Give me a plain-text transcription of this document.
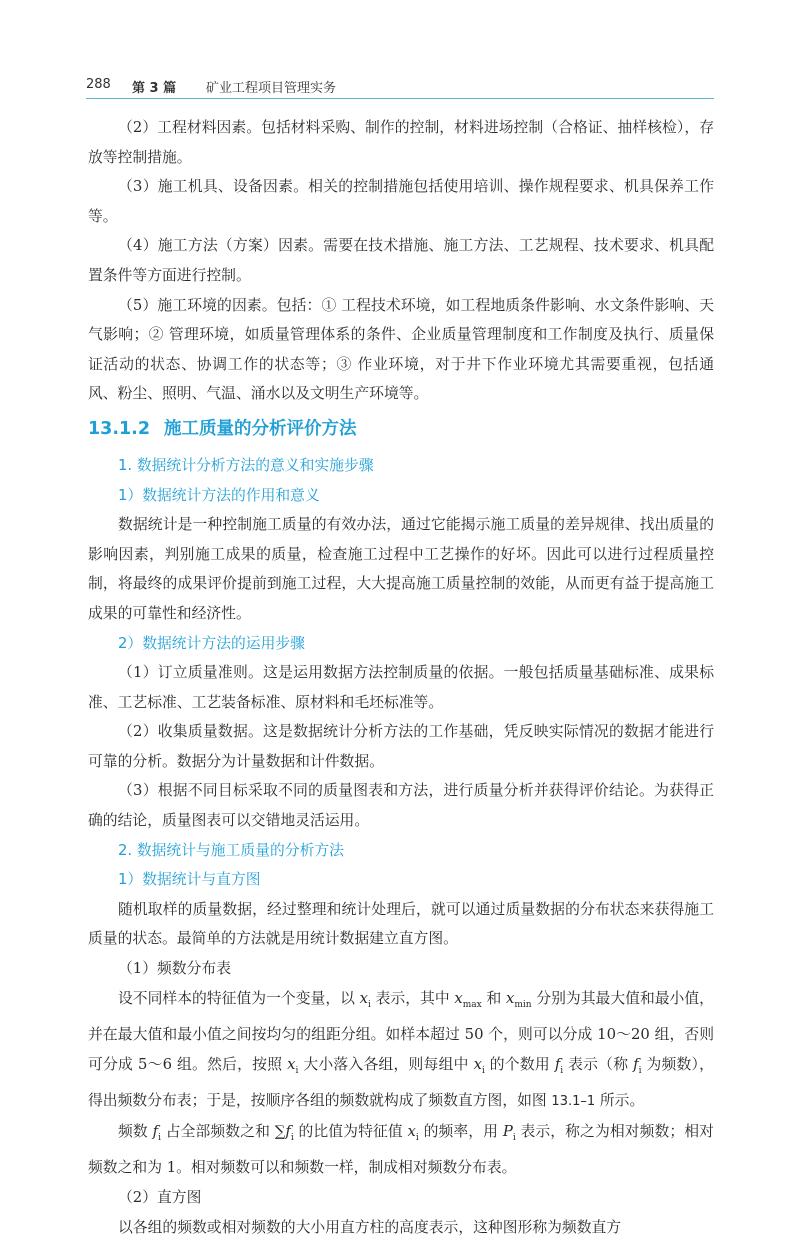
288 第 3 篇 矿业工程项目管理实务

（2）工程材料因素。包括材料采购、制作的控制，材料进场控制（合格证、抽样核检），存放等控制措施。

（3）施工机具、设备因素。相关的控制措施包括使用培训、操作规程要求、机具保养工作等。

（4）施工方法（方案）因素。需要在技术措施、施工方法、工艺规程、技术要求、机具配置条件等方面进行控制。

（5）施工环境的因素。包括：① 工程技术环境，如工程地质条件影响、水文条件影响、天气影响；② 管理环境，如质量管理体系的条件、企业质量管理制度和工作制度及执行、质量保证活动的状态、协调工作的状态等；③ 作业环境，对于井下作业环境尤其需要重视，包括通风、粉尘、照明、气温、涌水以及文明生产环境等。

13.1.2 施工质量的分析评价方法
1. 数据统计分析方法的意义和实施步骤
1）数据统计方法的作用和意义

数据统计是一种控制施工质量的有效办法，通过它能揭示施工质量的差异规律、找出质量的影响因素，判别施工成果的质量，检查施工过程中工艺操作的好坏。因此可以进行过程质量控制，将最终的成果评价提前到施工过程，大大提高施工质量控制的效能，从而更有益于提高施工成果的可靠性和经济性。

2）数据统计方法的运用步骤

（1）订立质量准则。这是运用数据方法控制质量的依据。一般包括质量基础标准、成果标准、工艺标准、工艺装备标准、原材料和毛坯标准等。

（2）收集质量数据。这是数据统计分析方法的工作基础，凭反映实际情况的数据才能进行可靠的分析。数据分为计量数据和计件数据。

（3）根据不同目标采取不同的质量图表和方法，进行质量分析并获得评价结论。为获得正确的结论，质量图表可以交错地灵活运用。

2. 数据统计与施工质量的分析方法
1）数据统计与直方图

随机取样的质量数据，经过整理和统计处理后，就可以通过质量数据的分布状态来获得施工质量的状态。最简单的方法就是用统计数据建立直方图。

（1）频数分布表

设不同样本的特征值为一个变量，以 $x_i$ 表示，其中 $x_{max}$ 和 $x_{min}$ 分别为其最大值和最小值，并在最大值和最小值之间按均匀的组距分组。如样本超过 50 个，则可以分成 10～20 组，否则可分成 5～6 组。然后，按照 $x_i$ 大小落入各组，则每组中 $x_i$ 的个数用 $f_i$ 表示（称 $f_i$ 为频数），得出频数分布表；于是，按顺序各组的频数就构成了频数直方图，如图 13.1–1 所示。

频数 $f_i$ 占全部频数之和 $\sum f_i$ 的比值为特征值 $x_i$ 的频率，用 $P_i$ 表示，称之为相对频数；相对频数之和为 1。相对频数可以和频数一样，制成相对频数分布表。

（2）直方图

以各组的频数或相对频数的大小用直方柱的高度表示，这种图形称为频数直方
